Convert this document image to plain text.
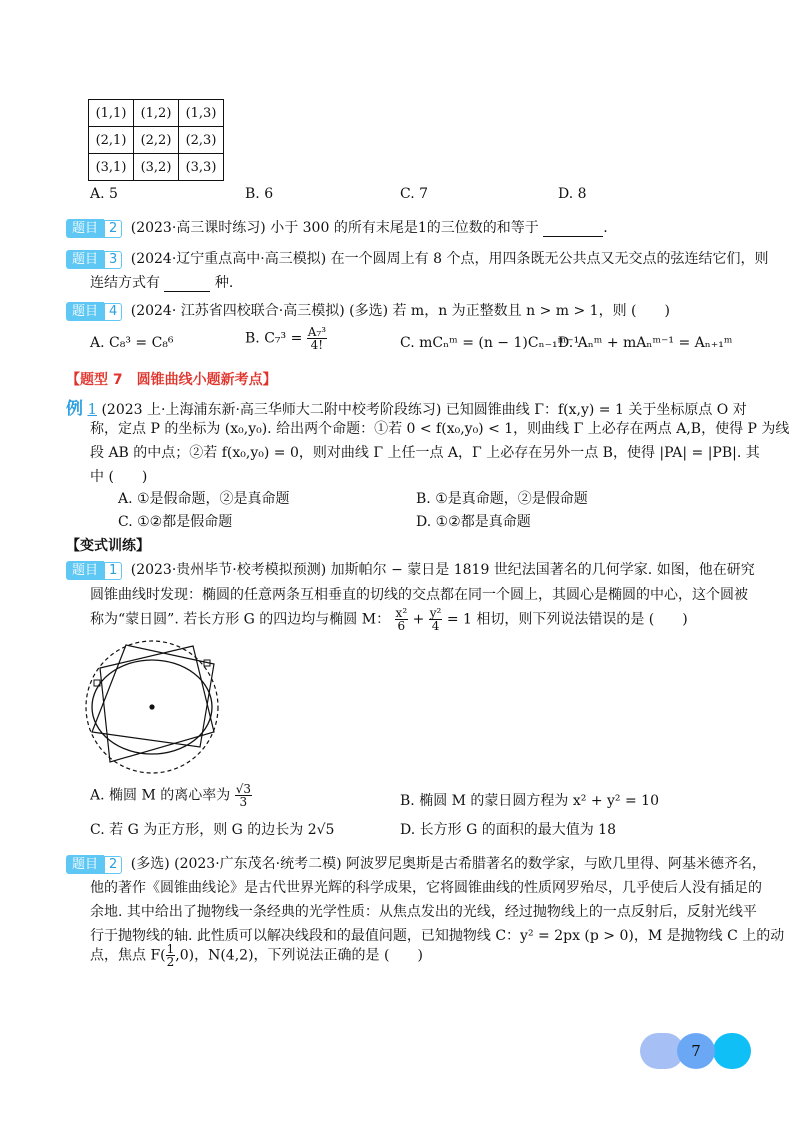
(1,1)	(1,2)	(1,3)
(2,1)	(2,2)	(2,3)
(3,1)	(3,2)	(3,3)
A. 5	B. 6	C. 7	D. 8
题目 2 (2023·高三课时练习) 小于 300 的所有末尾是1的三位数的和等于	.
题目 3 (2024·辽宁重点高中·高三模拟) 在一个圆周上有 8 个点，用四条既无公共点又无交点的弦连结它们，则
连结方式有	种.
题目 4 (2024· 江苏省四校联合·高三模拟) (多选) 若 m，n 为正整数且 n > m > 1，则 (　　)
A. C₈³ = C₈⁶	B. $C_7^3 = \frac{\text{A₇³}}{4!}$	C. mCₙᵐ = (n − 1)Cₙ₋₁ᵐ⁻¹
D. Aₙᵐ + mAₙᵐ⁻¹ = Aₙ₊₁ᵐ
【题型 7　圆锥曲线小题新考点】
例 1 (2023 上·上海浦东新·高三华师大二附中校考阶段练习) 已知圆锥曲线 Γ：f(x,y) = 1 关于坐标原点 O 对
称，定点 P 的坐标为 (x₀,y₀). 给出两个命题：①若 0 < f(x₀,y₀) < 1，则曲线 Γ 上必存在两点 A,B，使得 P 为线
段 AB 的中点；②若 f(x₀,y₀) = 0，则对曲线 Γ 上任一点 A，Γ 上必存在另外一点 B，使得 |PA| = |PB|. 其
中 (　　)
A. ①是假命题，②是真命题	B. ①是真命题，②是假命题
C. ①②都是假命题	D. ①②都是真命题
【变式训练】
题目 1 (2023·贵州毕节·校考模拟预测) 加斯帕尔 − 蒙日是 1819 世纪法国著名的几何学家. 如图，他在研究
圆锥曲线时发现：椭圆的任意两条互相垂直的切线的交点都在同一个圆上，其圆心是椭圆的中心，这个圆被
称为“蒙日圆”. 若长方形 G 的四边均与椭圆 M： $\frac{\text{x²}}{6} + \frac{\text{y²}}{4} = 1$ 相切，则下列说法错误的是 (　　)
A. 椭圆 M 的离心率为 $\frac{√3}{3}$	B. 椭圆 M 的蒙日圆方程为 x² + y² = 10
C. 若 G 为正方形，则 G 的边长为 2√5	D. 长方形 G 的面积的最大值为 18
题目 2 (多选) (2023·广东茂名·统考二模) 阿波罗尼奥斯是古希腊著名的数学家，与欧几里得、阿基米德齐名，
他的著作《圆锥曲线论》是古代世界光辉的科学成果，它将圆锥曲线的性质网罗殆尽，几乎使后人没有插足的
余地. 其中给出了抛物线一条经典的光学性质：从焦点发出的光线，经过抛物线上的一点反射后，反射光线平
行于抛物线的轴. 此性质可以解决线段和的最值问题，已知抛物线 C：y² = 2px (p > 0)，M 是抛物线 C 上的动
点，焦点 $F( \frac{1}{2} ,0)$，N(4,2)，下列说法正确的是 (　　)
7
